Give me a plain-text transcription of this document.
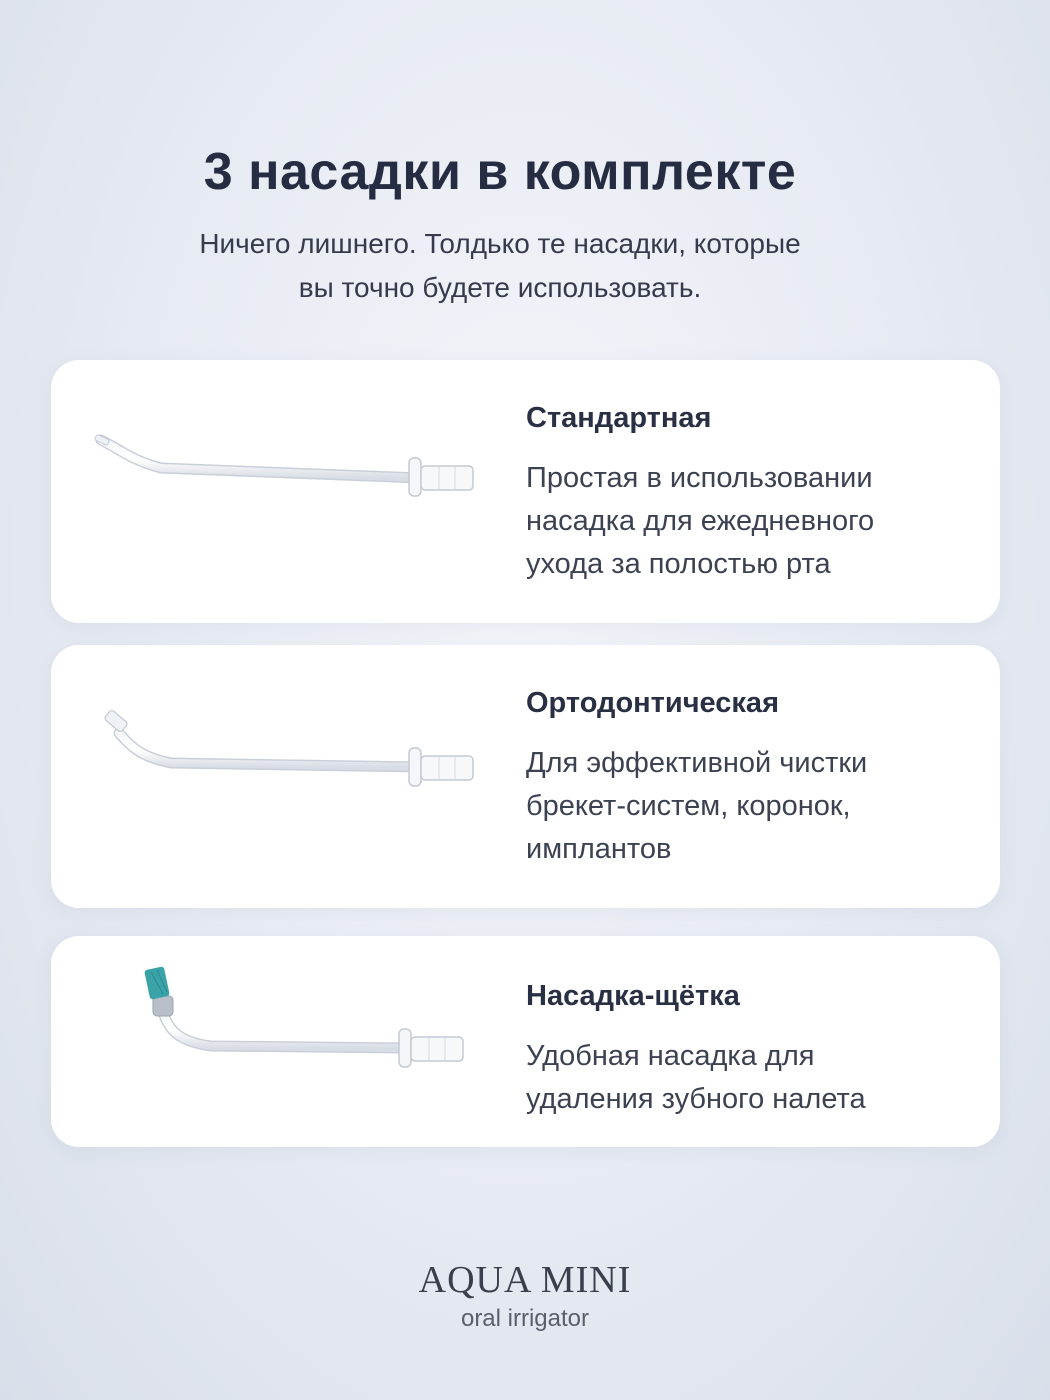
3 насадки в комплекте

Ничего лишнего. Толдько те насадки, которые
вы точно будете использовать.

Стандартная
Простая в использовании
насадка для ежедневного
ухода за полостью рта
Ортодонтическая
Для эффективной чистки
брекет-систем, коронок,
имплантов
Насадка-щётка
Удобная насадка для
удаления зубного налета
AQUA MINI
oral irrigator
